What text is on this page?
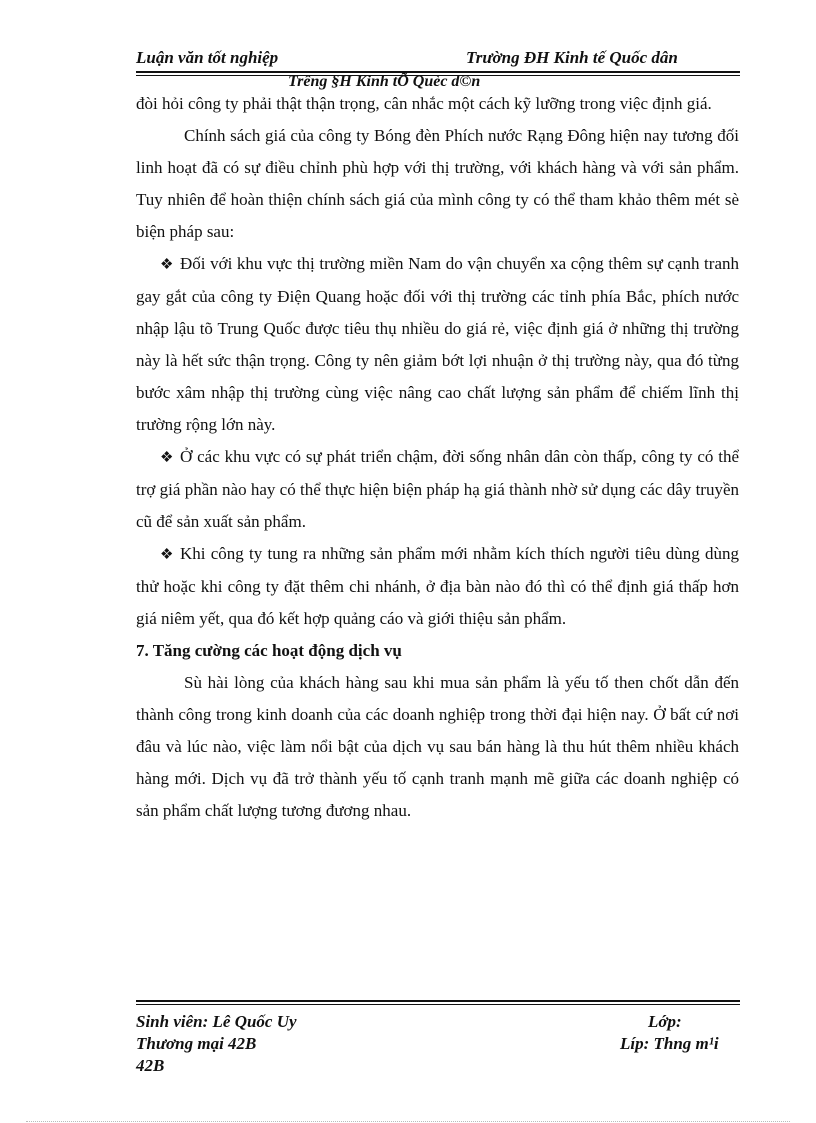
Luận văn tốt nghiệp	Trường ĐH Kinh tế Quốc dân
Trêng §H Kinh tÕ Quèc d©n

đòi hỏi công ty phải thật thận trọng, cân nhắc một cách kỹ lưỡng trong việc định giá.

Chính sách giá của công ty Bóng đèn Phích nước Rạng Đông hiện nay tương đối linh hoạt đã có sự điều chỉnh phù hợp với thị trường, với khách hàng và với sản phẩm. Tuy nhiên để hoàn thiện chính sách giá của mình công ty có thể tham khảo thêm mét sè biện pháp sau:

❖ Đối với khu vực thị trường miền Nam do vận chuyển xa cộng thêm sự cạnh tranh gay gắt của công ty Điện Quang hoặc đối với thị trường các tỉnh phía Bắc, phích nước nhập lậu tõ Trung Quốc được tiêu thụ nhiều do giá rẻ, việc định giá ở những thị trường này là hết sức thận trọng. Công ty nên giảm bớt lợi nhuận ở thị trường này, qua đó từng bước xâm nhập thị trường cùng việc nâng cao chất lượng sản phẩm để chiếm lĩnh thị trường rộng lớn này.

❖ Ở các khu vực có sự phát triển chậm, đời sống nhân dân còn thấp, công ty có thể trợ giá phần nào hay có thể thực hiện biện pháp hạ giá thành nhờ sử dụng các dây truyền cũ để sản xuất sản phẩm.

❖ Khi công ty tung ra những sản phẩm mới nhằm kích thích người tiêu dùng dùng thử hoặc khi công ty đặt thêm chi nhánh, ở địa bàn nào đó thì có thể định giá thấp hơn giá niêm yết, qua đó kết hợp quảng cáo và giới thiệu sản phẩm.

7. Tăng cường các hoạt động dịch vụ

Sù hài lòng của khách hàng sau khi mua sản phẩm là yếu tố then chốt dẫn đến thành công trong kinh doanh của các doanh nghiệp trong thời đại hiện nay. Ở bất cứ nơi đâu và lúc nào, việc làm nổi bật của dịch vụ sau bán hàng là thu hút thêm nhiều khách hàng mới. Dịch vụ đã trở thành yếu tố cạnh tranh mạnh mẽ giữa các doanh nghiệp có sản phẩm chất lượng tương đương nhau.

Sinh viên: Lê Quốc Uy	Lớp:
Thương mại 42B	Líp: Thng m¹i
42B
